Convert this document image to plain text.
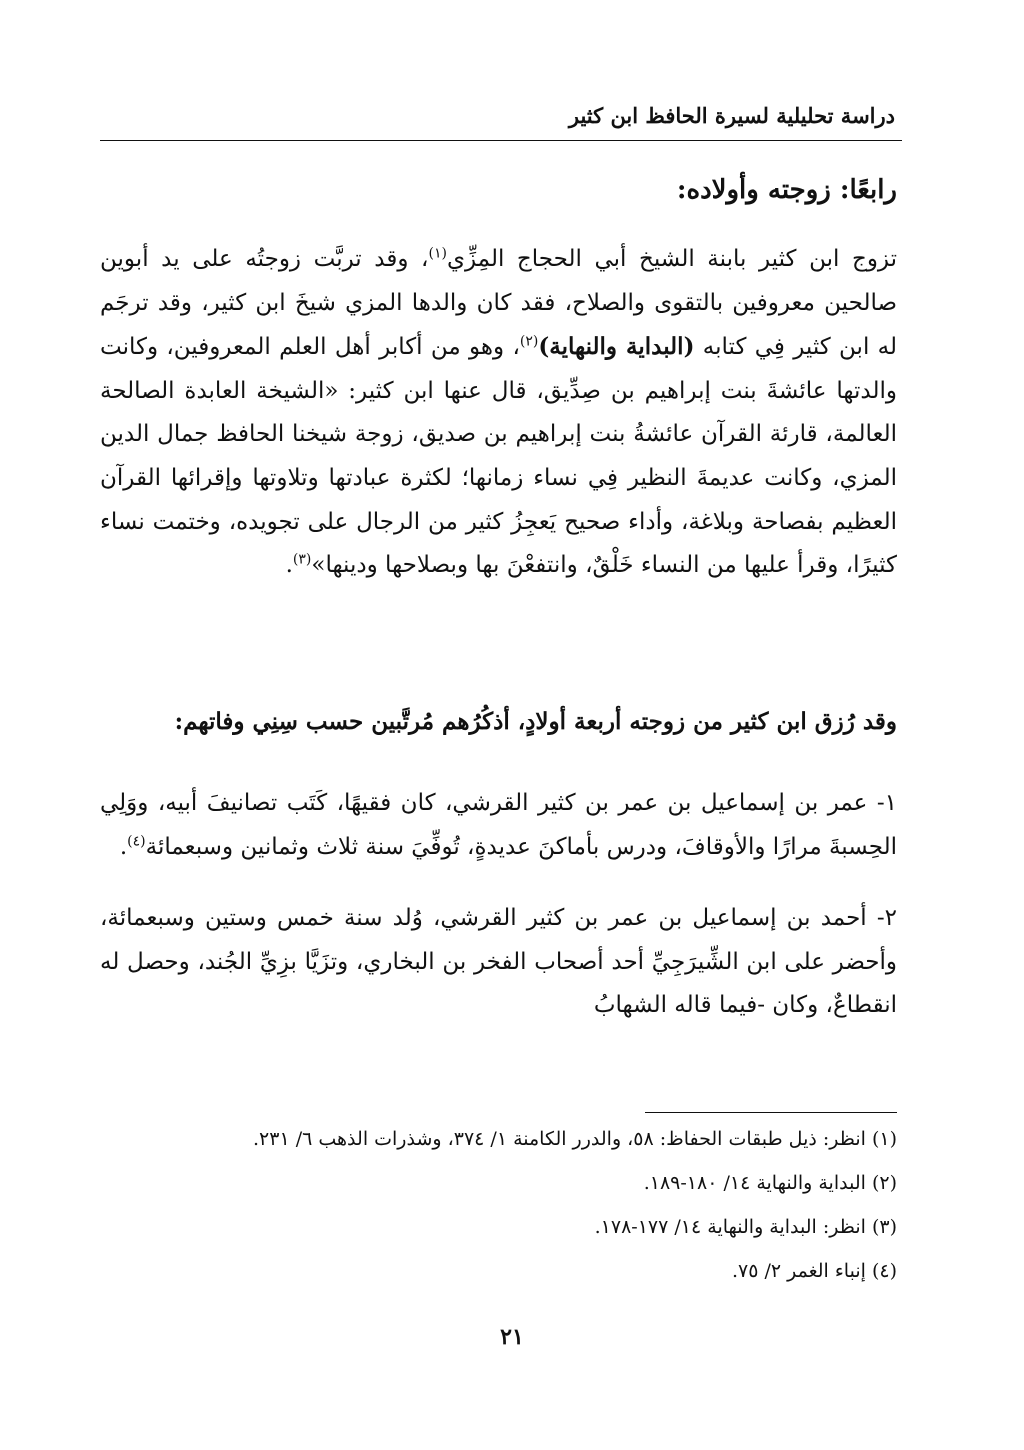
دراسة تحليلية لسيرة الحافظ ابن كثير
رابعًا: زوجته وأولاده:

تزوج ابن كثير بابنة الشيخ أبي الحجاج المِزِّي$^{(١)}$، وقد تربَّت زوجتُه على يد أبوين صالحين معروفين بالتقوى والصلاح، فقد كان والدها المزي شيخَ ابن كثير، وقد ترجَم له ابن كثير فِي كتابه (البداية والنهاية)$^{(٢)}$، وهو من أكابر أهل العلم المعروفين، وكانت والدتها عائشةَ بنت إبراهيم بن صِدِّيق، قال عنها ابن كثير: «الشيخة العابدة الصالحة العالمة، قارئة القرآن عائشةُ بنت إبراهيم بن صديق، زوجة شيخنا الحافظ جمال الدين المزي، وكانت عديمةَ النظير فِي نساء زمانها؛ لكثرة عبادتها وتلاوتها وإقرائها القرآن العظيم بفصاحة وبلاغة، وأداء صحيح يَعجِزُ كثير من الرجال على تجويده، وختمت نساء كثيرًا، وقرأ عليها من النساء خَلْقٌ، وانتفعْنَ بها وبصلاحها ودينها»$^{(٣)}$.

وقد رُزق ابن كثير من زوجته أربعة أولادٍ، أذكُرُهم مُرتَّبين حسب سِنِي وفاتهم:
١- عمر بن إسماعيل بن عمر بن كثير القرشي، كان فقيهًا، كَتَب تصانيفَ أبيه، ووَلِي الحِسبةَ مرارًا والأوقافَ، ودرس بأماكنَ عديدةٍ، تُوفِّيَ سنة ثلاث وثمانين وسبعمائة$^{(٤)}$.
٢- أحمد بن إسماعيل بن عمر بن كثير القرشي، وُلد سنة خمس وستين وسبعمائة، وأحضر على ابن الشِّيرَجِيِّ أحد أصحاب الفخر بن البخاري، وتزَيَّا بزِيِّ الجُند، وحصل له انقطاعٌ، وكان -فيما قاله الشهابُ
(١) انظر: ذيل طبقات الحفاظ: ٥٨، والدرر الكامنة ١/ ٣٧٤، وشذرات الذهب ٦/ ٢٣١.
(٢) البداية والنهاية ١٤/ ١٨٠-١٨٩.
(٣) انظر: البداية والنهاية ١٤/ ١٧٧-١٧٨.
(٤) إنباء الغمر ٢/ ٧٥.
٢١
